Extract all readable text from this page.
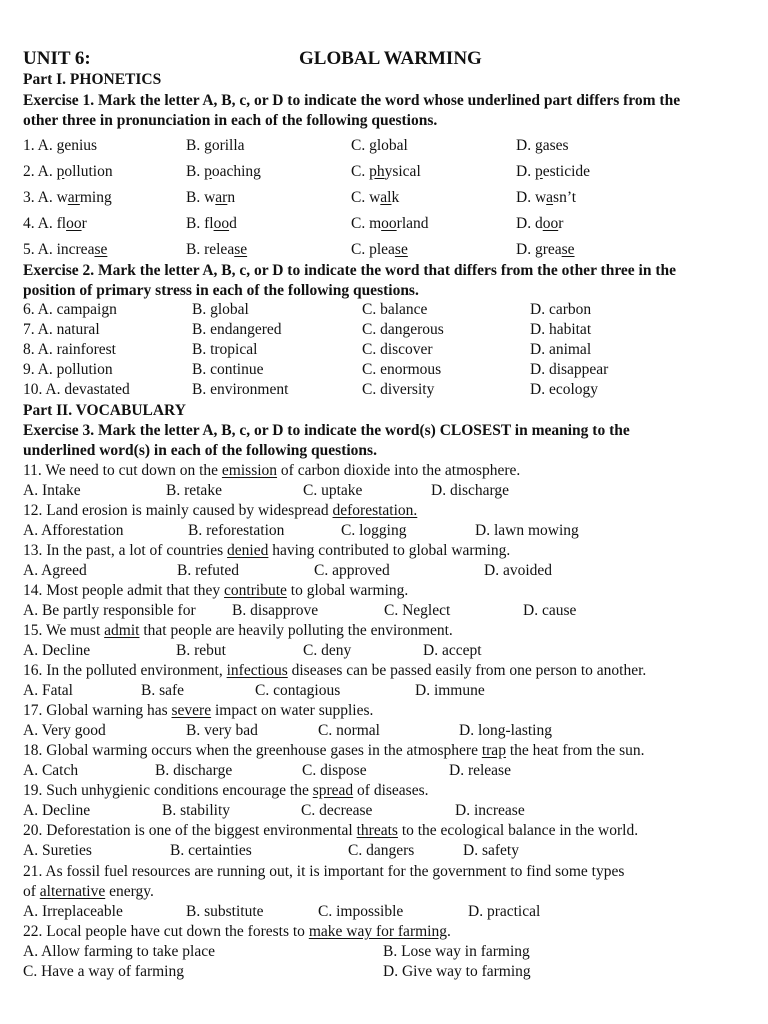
UNIT 6:	GLOBAL WARMING
Part I. PHONETICS
Exercise 1. Mark the letter A, B, c, or D to indicate the word whose underlined part differs from the
other three in pronunciation in each of the following questions.
1. A. genius	B. gorilla	C. global	D. gases
2. A. pollution	B. poaching	C. physical	D. pesticide
3. A. warming	B. warn	C. walk	D. wasn’t
4. A. floor	B. flood	C. moorland	D. door
5. A. increase	B. release	C. please	D. grease
Exercise 2. Mark the letter A, B, c, or D to indicate the word that differs from the other three in the
position of primary stress in each of the following questions.
6. A. campaign	B. global	C. balance	D. carbon
7. A. natural	B. endangered	C. dangerous	D. habitat
8. A. rainforest	B. tropical	C. discover	D. animal
9. A. pollution	B. continue	C. enormous	D. disappear
10. A. devastated	B. environment	C. diversity	D. ecology
Part II. VOCABULARY
Exercise 3. Mark the letter A, B, c, or D to indicate the word(s) CLOSEST in meaning to the
underlined word(s) in each of the following questions.
11. We need to cut down on the emission of carbon dioxide into the atmosphere.
A. Intake	B. retake	C. uptake	D. discharge
12. Land erosion is mainly caused by widespread deforestation.
A. Afforestation	B. reforestation	C. logging	D. lawn mowing
13. In the past, a lot of countries denied having contributed to global warming.
A. Agreed	B. refuted	C. approved	D. avoided
14. Most people admit that they contribute to global warming.
A. Be partly responsible for B. disapprove	C. Neglect	D. cause
15. We must admit that people are heavily polluting the environment.
A. Decline	B. rebut	C. deny	D. accept
16. In the polluted environment, infectious diseases can be passed easily from one person to another.
A. Fatal	B. safe	C. contagious	D. immune
17. Global warning has severe impact on water supplies.
A. Very good	B. very bad	C. normal	D. long-lasting
18. Global warming occurs when the greenhouse gases in the atmosphere trap the heat from the sun.
A. Catch	B. discharge	C. dispose	D. release
19. Such unhygienic conditions encourage the spread of diseases.
A. Decline	B. stability	C. decrease	D. increase
20. Deforestation is one of the biggest environmental threats to the ecological balance in the world.
A. Sureties	B. certainties	C. dangers	D. safety
21. As fossil fuel resources are running out, it is important for the government to find some types
of alternative energy.
A. Irreplaceable	B. substitute	C. impossible	D. practical
22. Local people have cut down the forests to make way for farming.
A. Allow farming to take place	B. Lose way in farming
C. Have a way of farming	D. Give way to farming
